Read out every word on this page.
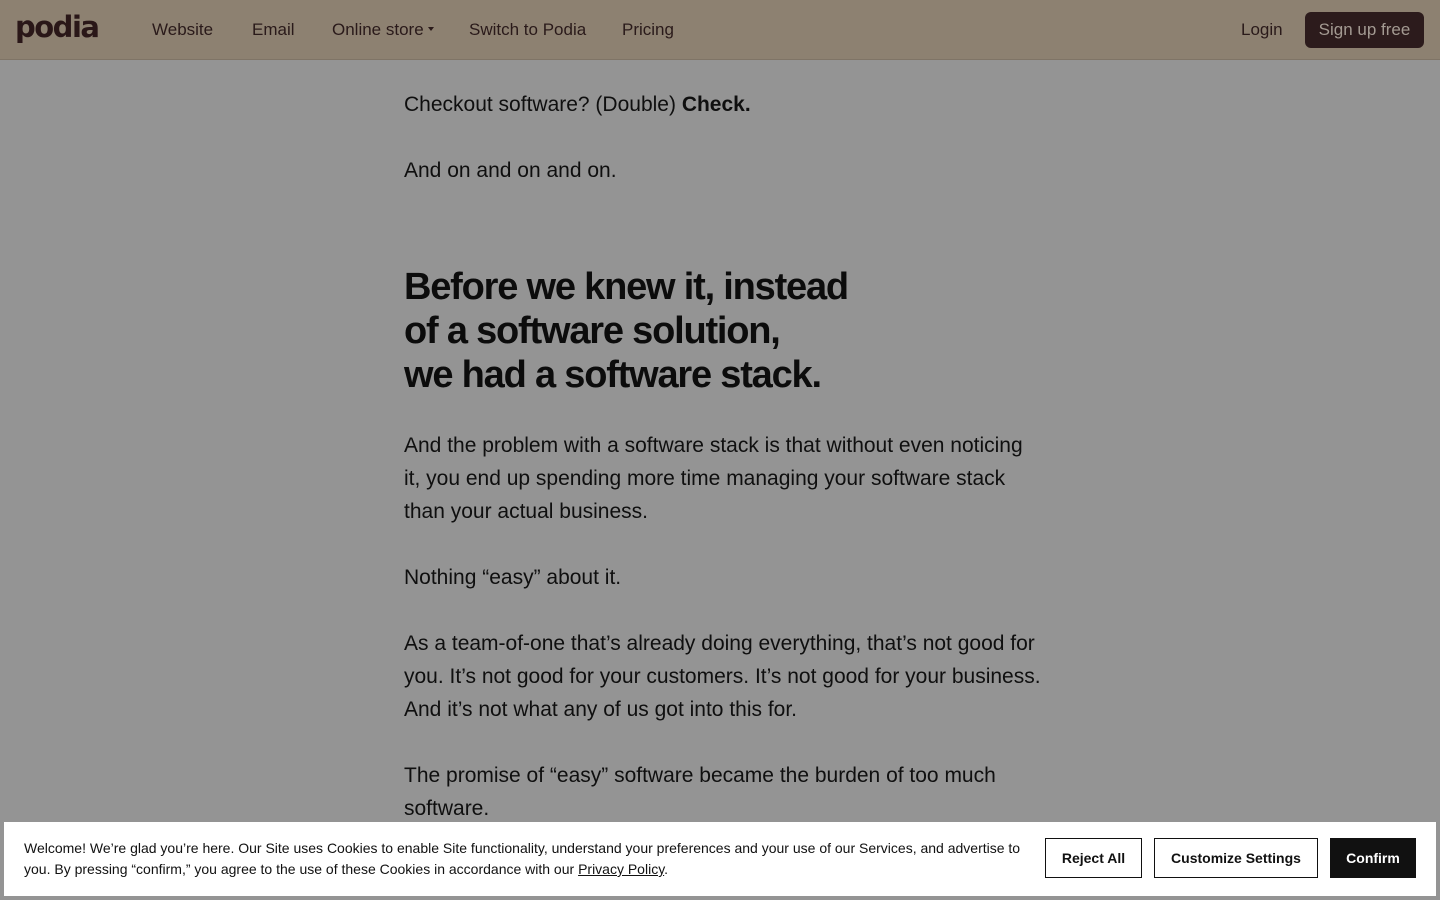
podia	Website Email Online store	Switch to Podia Pricing	Login	Sign up free

Checkout software? (Double) Check.

And on and on and on.

Before we knew it, instead
of a software solution,
we had a software stack.

And the problem with a software stack is that without even noticing it, you end up spending more time managing your software stack than your actual business.

Nothing “easy” about it.

As a team-of-one that’s already doing everything, that’s not good for you. It’s not good for your customers. It’s not good for your business. And it’s not what any of us got into this for.

The promise of “easy” software became the burden of too much software.

Welcome! We’re glad you’re here. Our Site uses Cookies to enable Site functionality, understand your preferences and your use of our Services, and advertise to you. By pressing “confirm,” you agree to the use of these Cookies in accordance with our Privacy Policy.
Reject All	Customize Settings	Confirm
